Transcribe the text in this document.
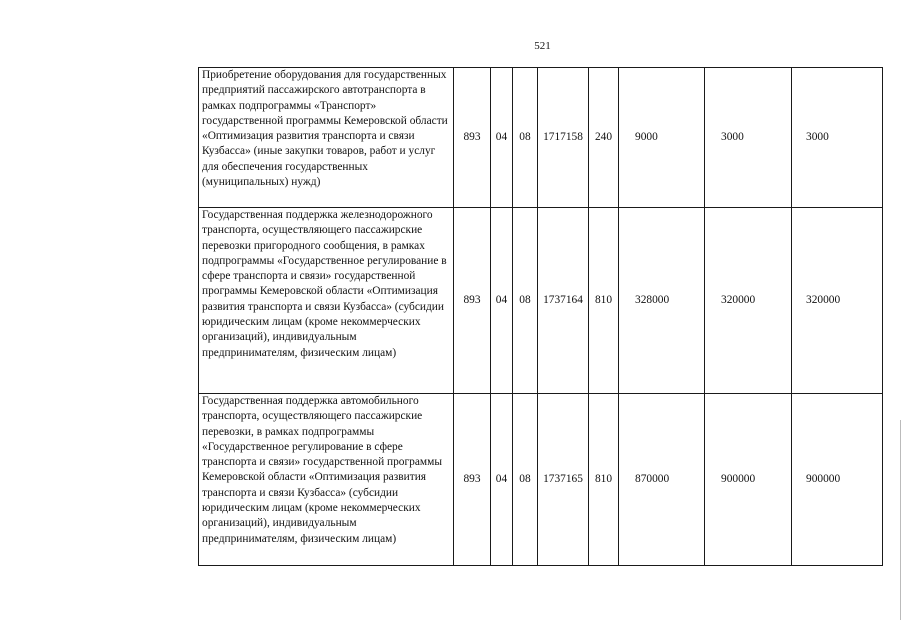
521
Приобретение оборудования для государственных предприятий пассажирского автотранспорта в рамках подпрограммы «Транспорт» государственной программы Кемеровской области «Оптимизация развития транспорта и связи Кузбасса» (иные закупки товаров, работ и услуг для обеспечения государственных (муниципальных) нужд)	893	04	08	1717158	240	9000	3000	3000
Государственная поддержка железнодорожного транспорта, осуществляющего пассажирские перевозки пригородного сообщения, в рамках подпрограммы «Государственное регулирование в сфере транспорта и связи» государственной программы Кемеровской области «Оптимизация развития транспорта и связи Кузбасса» (субсидии юридическим лицам (кроме некоммерческих организаций), индивидуальным предпринимателям, физическим лицам)	893	04	08	1737164	810	328000	320000	320000
Государственная поддержка автомобильного транспорта, осуществляющего пассажирские перевозки, в рамках подпрограммы «Государственное регулирование в сфере транспорта и связи» государственной программы Кемеровской области «Оптимизация развития транспорта и связи Кузбасса» (субсидии юридическим лицам (кроме некоммерческих организаций), индивидуальным предпринимателям, физическим лицам)	893	04	08	1737165	810	870000	900000	900000
